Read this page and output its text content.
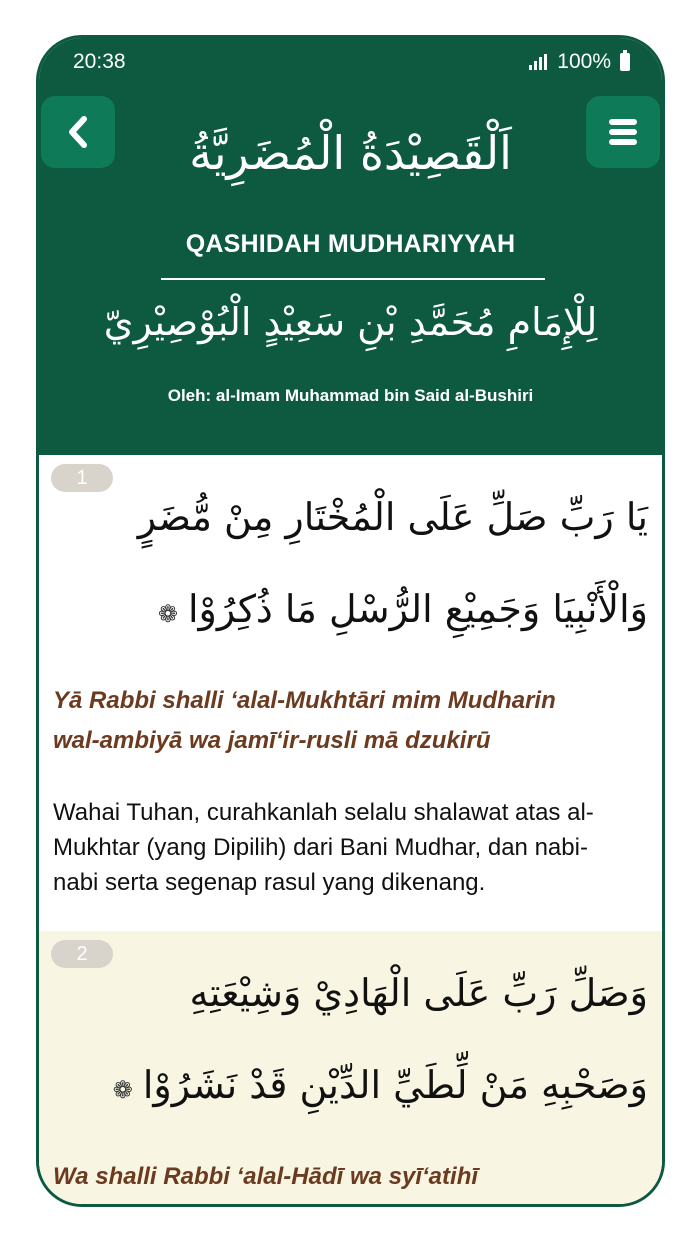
20:38	100%
اَلْقَصِيْدَةُ الْمُضَرِيَّةُ
QASHIDAH MUDHARIYYAH
لِلْإِمَامِ مُحَمَّدِ بْنِ سَعِيْدٍ الْبُوْصِيْرِيّ
Oleh: al-Imam Muhammad bin Said al-Bushiri
1
يَا رَبِّ صَلِّ عَلَى الْمُخْتَارِ مِنْ مُّضَرٍ
وَالْأَنْبِيَا وَجَمِيْعِ الرُّسْلِ مَا ذُكِرُوْا❁
Yā Rabbi shalli ‘alal-Mukhtāri mim Mudharin
wal-ambiyā wa jamī‘ir-rusli mā dzukirū
Wahai Tuhan, curahkanlah selalu shalawat atas al-Mukhtar (yang Dipilih) dari Bani Mudhar, dan nabi-nabi serta segenap rasul yang dikenang.
2
وَصَلِّ رَبِّ عَلَى الْهَادِيْ وَشِيْعَتِهِ
وَصَحْبِهِ مَنْ لِّطَيِّ الدِّيْنِ قَدْ نَشَرُوْا❁
Wa shalli Rabbi ‘alal-Hādī wa syī‘atihī
